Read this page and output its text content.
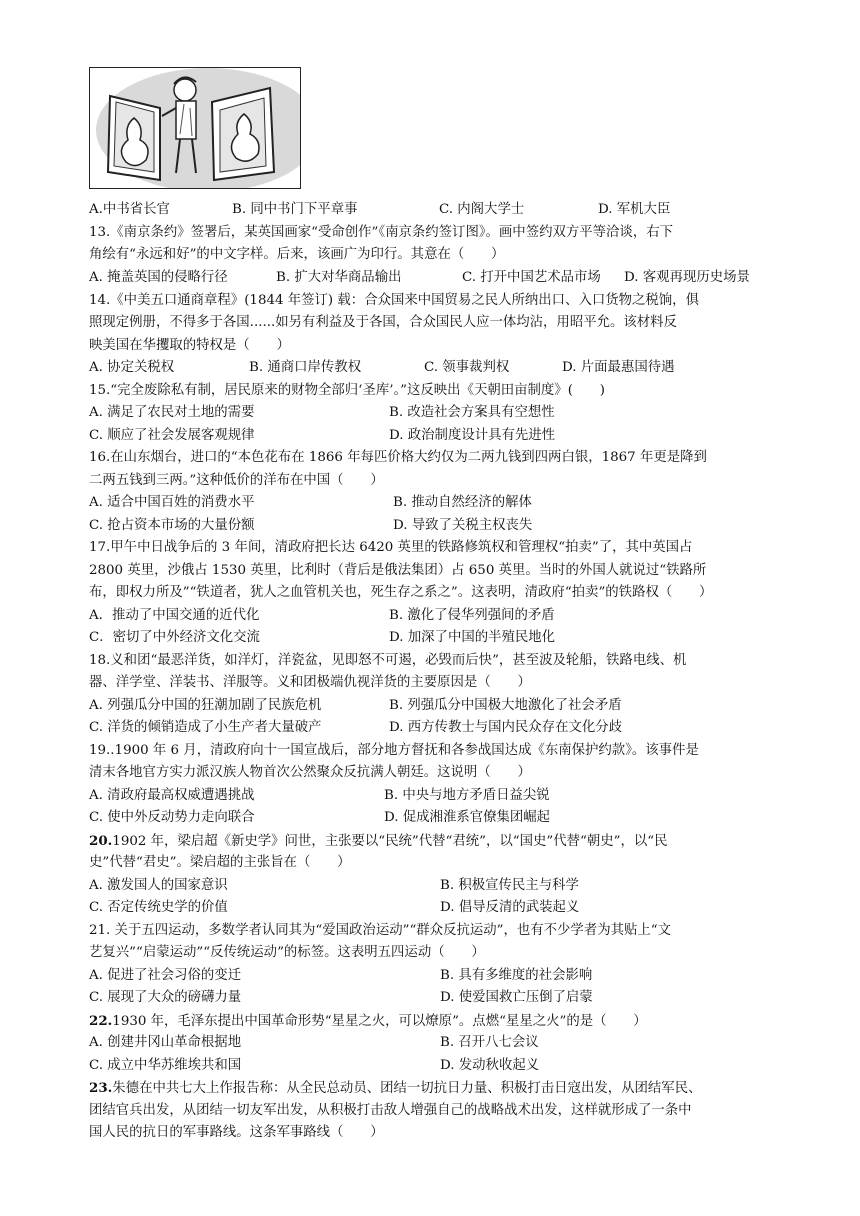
A.中书省长官	B. 同中书门下平章事	C. 内阁大学士	D. 军机大臣
13.《南京条约》签署后，某英国画家“受命创作”《南京条约签订图》。画中签约双方平等洽谈，右下
角绘有“永远和好”的中文字样。后来，该画广为印行。其意在（　　）
A. 掩盖英国的侵略行径	B. 扩大对华商品输出	C. 打开中国艺术品市场 D. 客观再现历史场景
14.《中美五口通商章程》(1844 年签订) 载：合众国来中国贸易之民人所纳出口、入口货物之税饷，俱
照现定例册，不得多于各国......如另有利益及于各国，合众国民人应一体均沾，用昭平允。该材料反
映美国在华攫取的特权是（　　）
A. 协定关税权	B. 通商口岸传教权	C. 领事裁判权	D. 片面最惠国待遇
15.“完全废除私有制，居民原来的财物全部归‘圣库’。”这反映出《天朝田亩制度》(　　)
A. 满足了农民对土地的需要	B. 改造社会方案具有空想性
C. 顺应了社会发展客观规律	D. 政治制度设计具有先进性
16.在山东烟台，进口的“本色花布在 1866 年每匹价格大约仅为二两九钱到四两白银，1867 年更是降到
二两五钱到三两。”这种低价的洋布在中国（　　）
A. 适合中国百姓的消费水平	B. 推动自然经济的解体
C. 抢占资本市场的大量份额	D. 导致了关税主权丧失
17.甲午中日战争后的 3 年间，清政府把长达 6420 英里的铁路修筑权和管理权“拍卖”了，其中英国占
2800 英里，沙俄占 1530 英里，比利时（背后是俄法集团）占 650 英里。当时的外国人就说过“铁路所
布，即权力所及”“铁道者，犹人之血管机关也，死生存之系之”。这表明，清政府“拍卖”的铁路权（　　）
A．推动了中国交通的近代化	B. 激化了侵华列强间的矛盾
C．密切了中外经济文化交流	D. 加深了中国的半殖民地化
18.义和团“最恶洋货，如洋灯，洋瓷盆，见即怒不可遏，必毁而后快”，甚至波及轮船，铁路电线、机
器、洋学堂、洋装书、洋服等。义和团极端仇视洋货的主要原因是（　　）
A. 列强瓜分中国的狂潮加剧了民族危机	B. 列强瓜分中国极大地激化了社会矛盾
C. 洋货的倾销造成了小生产者大量破产	D. 西方传教士与国内民众存在文化分歧
19..1900 年 6 月，清政府向十一国宣战后，部分地方督抚和各参战国达成《东南保护约款》。该事件是
清末各地官方实力派汉族人物首次公然聚众反抗满人朝廷。这说明（　　）
A. 清政府最高权威遭遇挑战	B. 中央与地方矛盾日益尖锐
C. 使中外反动势力走向联合	D. 促成湘淮系官僚集团崛起
20.1902 年，梁启超《新史学》问世，主张要以“民统”代替“君统”，以“国史”代替“朝史”，以“民
史”代替“君史”。梁启超的主张旨在（　　）
A. 激发国人的国家意识	B. 积极宣传民主与科学
C. 否定传统史学的价值	D. 倡导反清的武装起义
21. 关于五四运动，多数学者认同其为“爱国政治运动”“群众反抗运动”，也有不少学者为其贴上“文
艺复兴”“启蒙运动”“反传统运动”的标签。这表明五四运动（　　）
A. 促进了社会习俗的变迁	B. 具有多维度的社会影响
C. 展现了大众的磅礴力量	D. 使爱国救亡压倒了启蒙
22.1930 年，毛泽东提出中国革命形势“星星之火，可以燎原”。点燃“星星之火”的是（　　）
A. 创建井冈山革命根据地	B. 召开八七会议
C. 成立中华苏维埃共和国	D. 发动秋收起义
23.朱德在中共七大上作报告称：从全民总动员、团结一切抗日力量、积极打击日寇出发，从团结军民、
团结官兵出发，从团结一切友军出发，从积极打击敌人增强自己的战略战术出发，这样就形成了一条中
国人民的抗日的军事路线。这条军事路线（　　）
